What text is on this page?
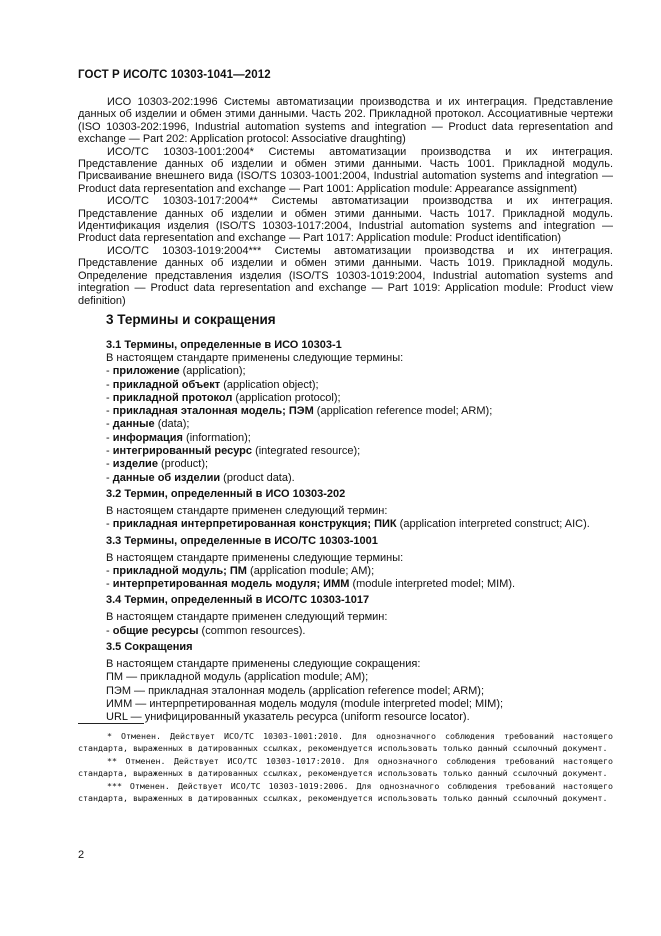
ГОСТ Р ИСО/ТС 10303-1041—2012

ИСО 10303-202:1996 Системы автоматизации производства и их интеграция. Представление данных об изделии и обмен этими данными. Часть 202. Прикладной протокол. Ассоциативные чертежи (ISO 10303-202:1996, Industrial automation systems and integration — Product data representation and exchange — Part 202: Application protocol: Associative draughting)

ИСО/ТС 10303-1001:2004* Системы автоматизации производства и их интеграция. Представление данных об изделии и обмен этими данными. Часть 1001. Прикладной модуль. Присваивание внешнего вида (ISO/TS 10303-1001:2004, Industrial automation systems and integration — Product data representation and exchange — Part 1001: Application module: Appearance assignment)

ИСО/ТС 10303-1017:2004** Системы автоматизации производства и их интеграция. Представление данных об изделии и обмен этими данными. Часть 1017. Прикладной модуль. Идентификация изделия (ISO/TS 10303-1017:2004, Industrial automation systems and integration — Product data representation and exchange — Part 1017: Application module: Product identification)

ИСО/ТС 10303-1019:2004*** Системы автоматизации производства и их интеграция. Представление данных об изделии и обмен этими данными. Часть 1019. Прикладной модуль. Определение представления изделия (ISO/TS 10303-1019:2004, Industrial automation systems and integration — Product data representation and exchange — Part 1019: Application module: Product view definition)

3 Термины и сокращения

3.1 Термины, определенные в ИСО 10303-1

В настоящем стандарте применены следующие термины:

- приложение (application);

- прикладной объект (application object);

- прикладной протокол (application protocol);

- прикладная эталонная модель; ПЭМ (application reference model; ARM);

- данные (data);

- информация (information);

- интегрированный ресурс (integrated resource);

- изделие (product);

- данные об изделии (product data).

3.2 Термин, определенный в ИСО 10303-202

В настоящем стандарте применен следующий термин:

- прикладная интерпретированная конструкция; ПИК (application interpreted construct; AIC).

3.3 Термины, определенные в ИСО/ТС 10303-1001

В настоящем стандарте применены следующие термины:

- прикладной модуль; ПМ (application module; AM);

- интерпретированная модель модуля; ИММ (module interpreted model; MIM).

3.4 Термин, определенный в ИСО/ТС 10303-1017

В настоящем стандарте применен следующий термин:

- общие ресурсы (common resources).

3.5 Сокращения

В настоящем стандарте применены следующие сокращения:

ПМ — прикладной модуль (application module; AM);

ПЭМ — прикладная эталонная модель (application reference model; ARM);

ИММ — интерпретированная модель модуля (module interpreted model; MIM);

URL — унифицированный указатель ресурса (uniform resource locator).

* Отменен. Действует ИСО/ТС 10303-1001:2010. Для однозначного соблюдения требований настоящего стандарта, выраженных в датированных ссылках, рекомендуется использовать только данный ссылочный документ.

** Отменен. Действует ИСО/ТС 10303-1017:2010. Для однозначного соблюдения требований настоящего стандарта, выраженных в датированных ссылках, рекомендуется использовать только данный ссылочный документ.

*** Отменен. Действует ИСО/ТС 10303-1019:2006. Для однозначного соблюдения требований настоящего стандарта, выраженных в датированных ссылках, рекомендуется использовать только данный ссылочный документ.

2
